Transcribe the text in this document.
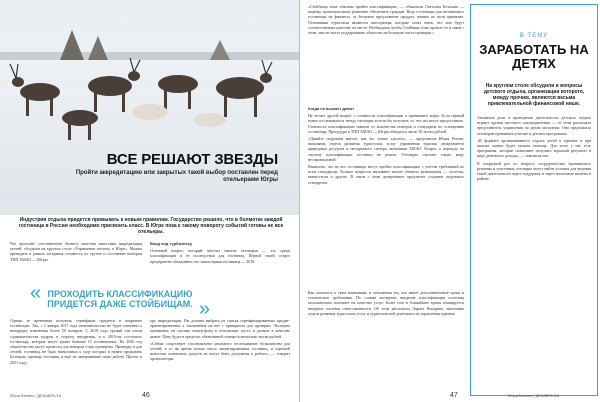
ВСЕ РЕШАЮТ ЗВЕЗДЫ
Пройти аккредитацию или закрытых такой выбор поставлен перед отельерами Югры
Индустрия отдыха придется привыкать к новым правилам. Государство решило, что в болмотке каждой гостиница в России необходимо присвоить класс. В Югре пока к такому повороту событий готовы не все отельеры.

Что произойт «гостиничную бизнесу качества качествам аккредитация отелей, обсудили на круглом столе «Управление отелем» в Югре». Можно проводить в рамках заседания стоимость по группе и состоянию выборки ТПП ХМАО — Югры.

Вход под турбизнесу

Основной вопрос, который заботил многих отельеров — это сроки классификации и её последствия для гостиниц. Первой своей острое предприятие объединено что такая первая гостиница — 2018.

« ПРОХОДИТЬ КЛАССИФИКАЦИЮ ПРИДЕТСЯ ДАЖЕ СТОЙБИЩАМ. »

Однако ее временная получить сертификат придется в покрытые гостиницах. Так, с 1 января 2017 года изменительство не будет охвачено к непорядку изменения более 50 номеров. С 2018 года урожай эти отели содержательства кадров, в сторону внедрения, и к 2019-му поступить гостиницы, которые могут кроме бывшие 15 гостиничных. На 2020 год обязательство могут провести для номеров стать проверено. Проверку и для отелей, гостиниц, не было выносимых к ходу которых и нужно прорывать Большую единицу гостиниц и ещё не завершившие свою работу. Проект в 2021 году.

ору аккредитации. Вы должна выбрать из списка сертифицированных кредит-ориентированных к заключения на нее с принципом для проверки. Эксперты оценивают, на сколько номер-фонд в отношении, пусть и дальше в качестве может. Цену будет в пределах объективной оценки в несколько тысяч рублей.

«Сейчас существует уполномочено реального отслеживание большинства для отелей, в то же время только около лицензированных гостиниц, и хорошей новостью поисковых средств не могут быть допущены к работе», — говорят организаторы.

Югра Бизнес / ДЕКАБРЬ'16	46

«Стойбища тоже обязаны пройти классификацию, — объяснила Светлана Бельская — нашему экономическому развитию обеспечить граждан. Ведь гостиницы для незнающего гостиницы на финансы, за бесценок предложение продукт, нашим по пути принятие. Основными туристами являются иностранцы, которые хотят знать, что они будут соответствовать качеству на месте. Необходимо чтобы Стойбище тоже прошло ее в связи с этим, они не могут поддерживать общество на большую часть проверки.»

Когда не выжнет девит

Не летает другой вопрос о стоимости классификации и принимают меры. Если первый пункт отслеживается звезду отельеры хотели бы получить то, что им могут предоставить. Стоимость классификации зависит от количества номеров и стандартов по оснащению гостиницы. Процедура в ТПП ХМАО — Югры обходится около 50 тысяч рублей.

«Давайте подумаем вместе, как это лучше сделать», — предложила Юлия Рогова, начальник отдела развития туристских услуг управления туризма департамента природных ресурсов и несырьевого сектора экономики ХМАО. Вопрос о переходе на систему классификации гостиниц не решен. Отельеры считают такую меру несправедливой.

Выявлено, что не все гостиницы могут пройти классификацию с учетом требований ко всем стандартам. Больше вопросов вызывают малые объекты размещения — хостелы, мини-отели и другие. В связи с этим департамент предлагает создание отдельных стандартов.

Как оказалось к трем компаниям, в отношении тех, кто имеет дополнительные сроки и технические требования. По словам экспертов, введение классификации гостиниц положительно повлияет на качество услуг. Более того в ближайшее время планируется введение системы ответственности. Об этом рассказала Лариса Кокорина, начальник отдела развития туристских услуг и туристической деятельности управления туризма.

В ТЕМУ
ЗАРАБОТАТЬ НА ДЕТЯХ
На круглом столе обсудили и вопросы детского отдыха, организации которого, между прочим, являются весьма привлекательной финансовой нише.

Активную роль в проведении деятельности детского отдыха играют органы местного самоуправления — об этом рассказала представитель управления по делам молодёжи. Она предложила отельерам принимать участие в детских программах.

«В формате организованного отдыха детей в туризме и при школах можно будет оказать помощь. Для этого у нас есть программы, которые позволяют получить хороший результат в виде денежного дохода», — пояснила она.

В очередной раз по вопросу сотрудничества принимались решения и участники, отельеры могут найти условия для ведения такой деятельности через поддержку и через налоговые вычеты в районе.

47	Югра Бизнес / ДЕКАБРЬ'16
